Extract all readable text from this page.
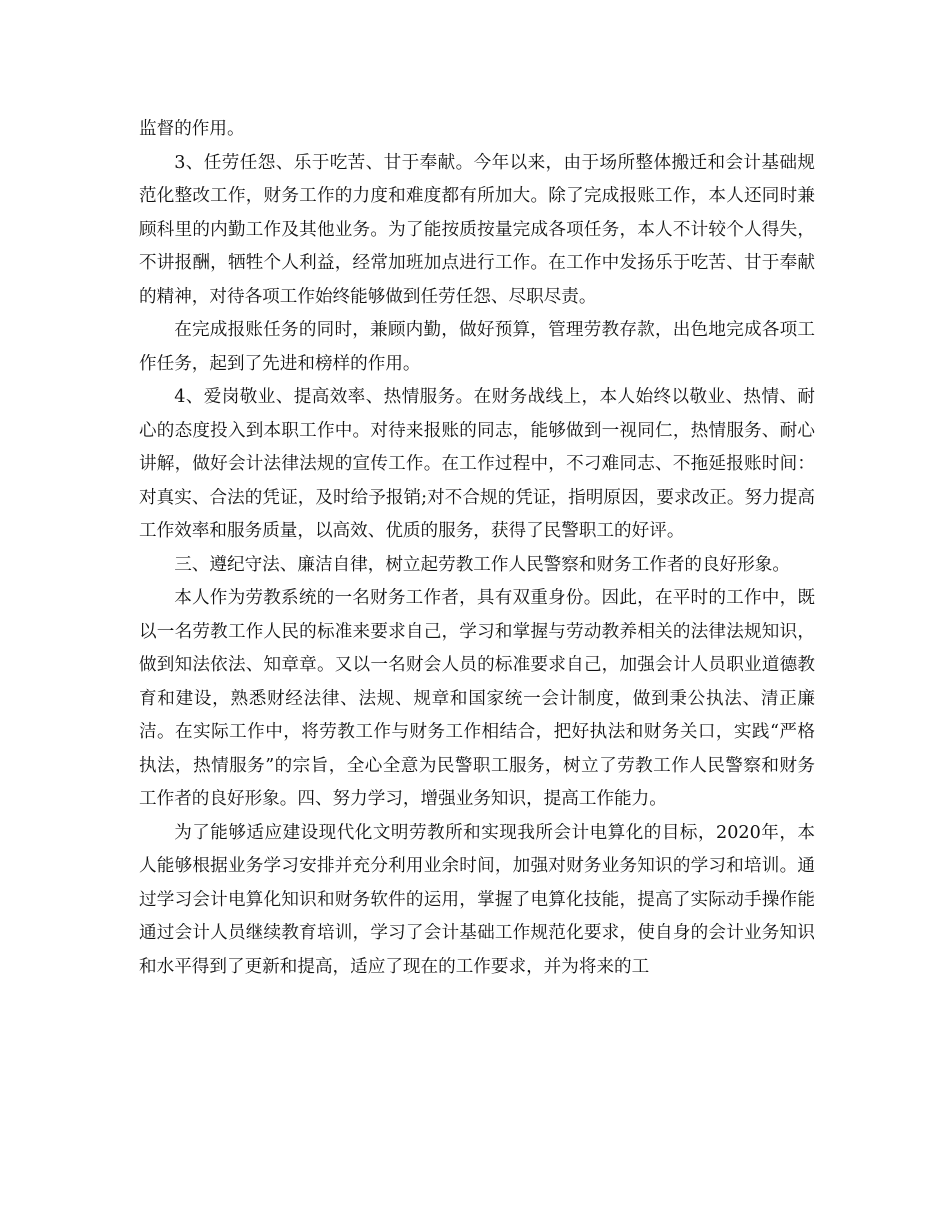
监督的作用。

3、任劳任怨、乐于吃苦、甘于奉献。今年以来，由于场所整体搬迁和会计基础规范化整改工作，财务工作的力度和难度都有所加大。除了完成报账工作，本人还同时兼顾科里的内勤工作及其他业务。为了能按质按量完成各项任务，本人不计较个人得失，不讲报酬，牺牲个人利益，经常加班加点进行工作。在工作中发扬乐于吃苦、甘于奉献的精神，对待各项工作始终能够做到任劳任怨、尽职尽责。

在完成报账任务的同时，兼顾内勤，做好预算，管理劳教存款，出色地完成各项工作任务，起到了先进和榜样的作用。

4、爱岗敬业、提高效率、热情服务。在财务战线上，本人始终以敬业、热情、耐心的态度投入到本职工作中。对待来报账的同志，能够做到一视同仁，热情服务、耐心讲解，做好会计法律法规的宣传工作。在工作过程中，不刁难同志、不拖延报账时间：对真实、合法的凭证，及时给予报销;对不合规的凭证，指明原因，要求改正。努力提高工作效率和服务质量，以高效、优质的服务，获得了民警职工的好评。

三、遵纪守法、廉洁自律，树立起劳教工作人民警察和财务工作者的良好形象。

本人作为劳教系统的一名财务工作者，具有双重身份。因此，在平时的工作中，既以一名劳教工作人民的标准来要求自己，学习和掌握与劳动教养相关的法律法规知识，做到知法依法、知章章。又以一名财会人员的标准要求自己，加强会计人员职业道德教育和建设，熟悉财经法律、法规、规章和国家统一会计制度，做到秉公执法、清正廉洁。在实际工作中，将劳教工作与财务工作相结合，把好执法和财务关口，实践“严格执法，热情服务”的宗旨，全心全意为民警职工服务，树立了劳教工作人民警察和财务工作者的良好形象。四、努力学习，增强业务知识，提高工作能力。

为了能够适应建设现代化文明劳教所和实现我所会计电算化的目标，2020年，本人能够根据业务学习安排并充分利用业余时间，加强对财务业务知识的学习和培训。通过学习会计电算化知识和财务软件的运用，掌握了电算化技能，提高了实际动手操作能通过会计人员继续教育培训，学习了会计基础工作规范化要求，使自身的会计业务知识和水平得到了更新和提高，适应了现在的工作要求，并为将来的工
